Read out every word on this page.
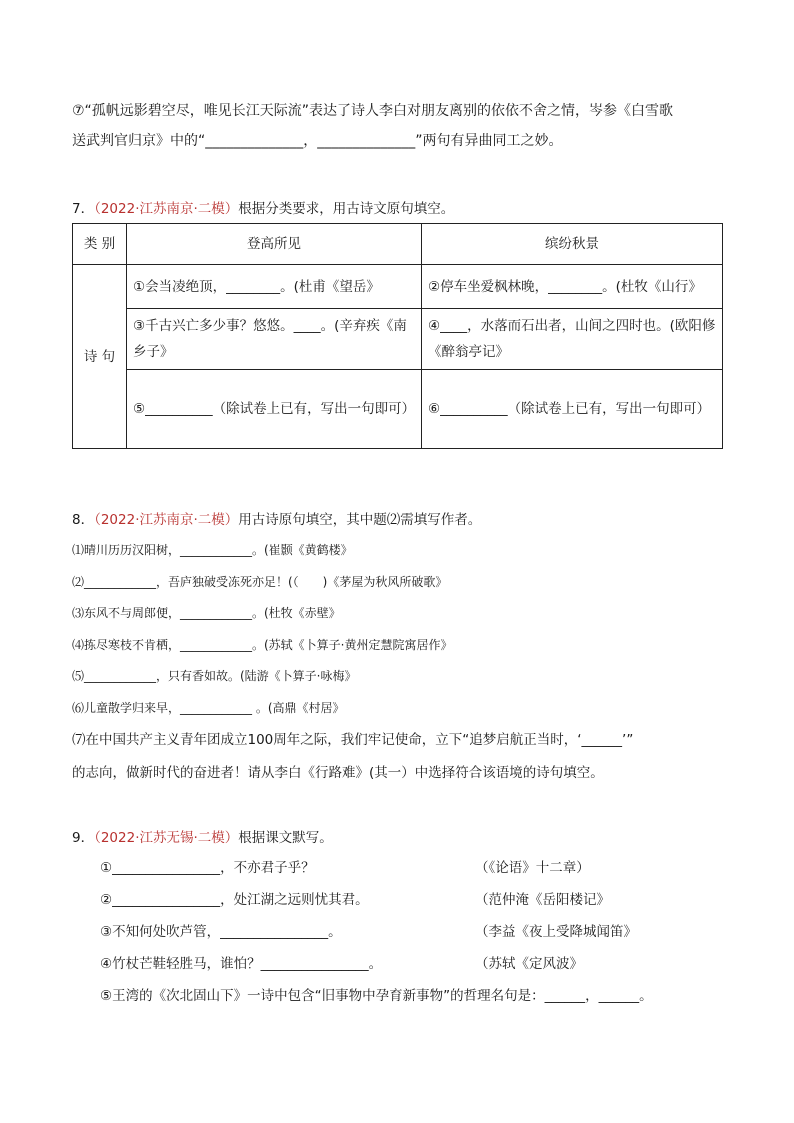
⑦“孤帆远影碧空尽，唯见长江天际流”表达了诗人李白对朋友离别的依依不舍之情，岑参《白雪歌

送武判官归京》中的“______________，______________”两句有异曲同工之妙。

7．（2022·江苏南京·二模）根据分类要求，用古诗文原句填空。
类 别	登高所见	缤纷秋景
诗 句	①会当凌绝顶，________。(杜甫《望岳》	②停车坐爱枫林晚，________。(杜牧《山行》
	③千古兴亡多少事？悠悠。____。(辛弃疾《南乡子》	④____，水落而石出者，山间之四时也。(欧阳修《醉翁亭记》
	⑤__________（除试卷上已有，写出一句即可）	⑥__________（除试卷上已有，写出一句即可）
8．（2022·江苏南京·二模）用古诗原句填空，其中题⑵需填写作者。

⑴晴川历历汉阳树，____________。(崔颢《黄鹤楼》

⑵____________，吾庐独破受冻死亦足！(（　　)《茅屋为秋风所破歌》

⑶东风不与周郎便，____________。(杜牧《赤壁》

⑷拣尽寒枝不肯栖，____________。(苏轼《卜算子·黄州定慧院寓居作》

⑸____________，只有香如故。(陆游《卜算子·咏梅》

⑹儿童散学归来早，____________ 。(高鼎《村居》

⑺在中国共产主义青年团成立100周年之际，我们牢记使命，立下“追梦启航正当时，‘______’”

的志向，做新时代的奋进者！请从李白《行路难》(其一）中选择符合该语境的诗句填空。

9．（2022·江苏无锡·二模）根据课文默写。
①________________，不亦君子乎？	（《论语》十二章）
②________________，处江湖之远则忧其君。	（范仲淹《岳阳楼记》
③不知何处吹芦管，________________。	（李益《夜上受降城闻笛》
④竹杖芒鞋轻胜马，谁怕？________________。	（苏轼《定风波》
⑤王湾的《次北固山下》一诗中包含“旧事物中孕育新事物”的哲理名句是：______，______。
